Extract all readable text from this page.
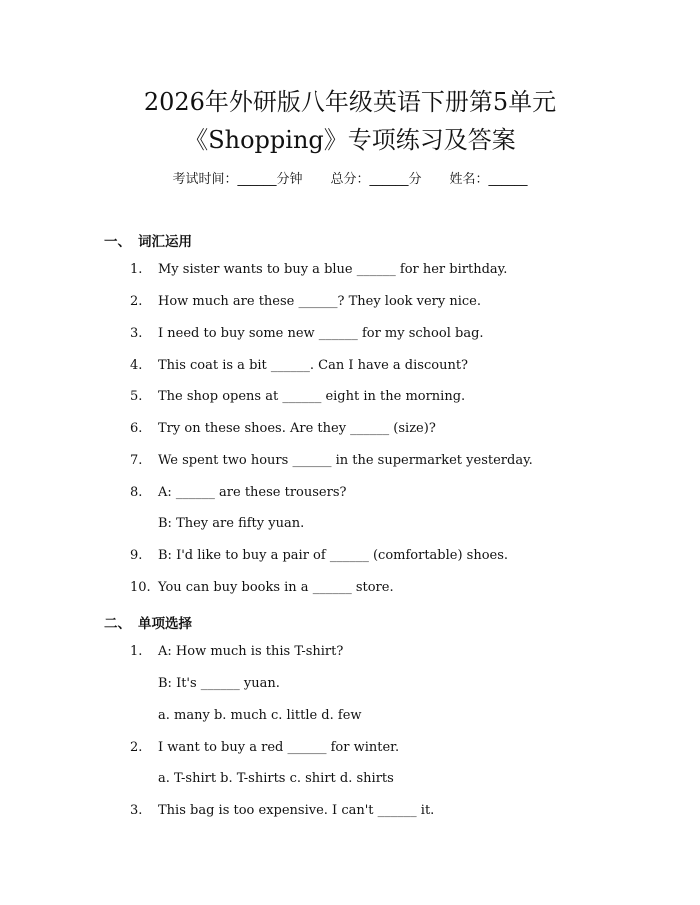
2026年外研版八年级英语下册第5单元
《Shopping》专项练习及答案
考试时间：______分钟 总分：______分 姓名：______
一、 词汇运用
1. My sister wants to buy a blue ______ for her birthday.
2. How much are these ______? They look very nice.
3. I need to buy some new ______ for my school bag.
4. This coat is a bit ______. Can I have a discount?
5. The shop opens at ______ eight in the morning.
6. Try on these shoes. Are they ______ (size)?
7. We spent two hours ______ in the supermarket yesterday.
8. A: ______ are these trousers?
B: They are fifty yuan.
9. B: I'd like to buy a pair of ______ (comfortable) shoes.
10. You can buy books in a ______ store.
二、 单项选择
1. A: How much is this T-shirt?
B: It's ______ yuan.
a. many b. much c. little d. few
2. I want to buy a red ______ for winter.
a. T-shirt b. T-shirts c. shirt d. shirts
3. This bag is too expensive. I can't ______ it.
